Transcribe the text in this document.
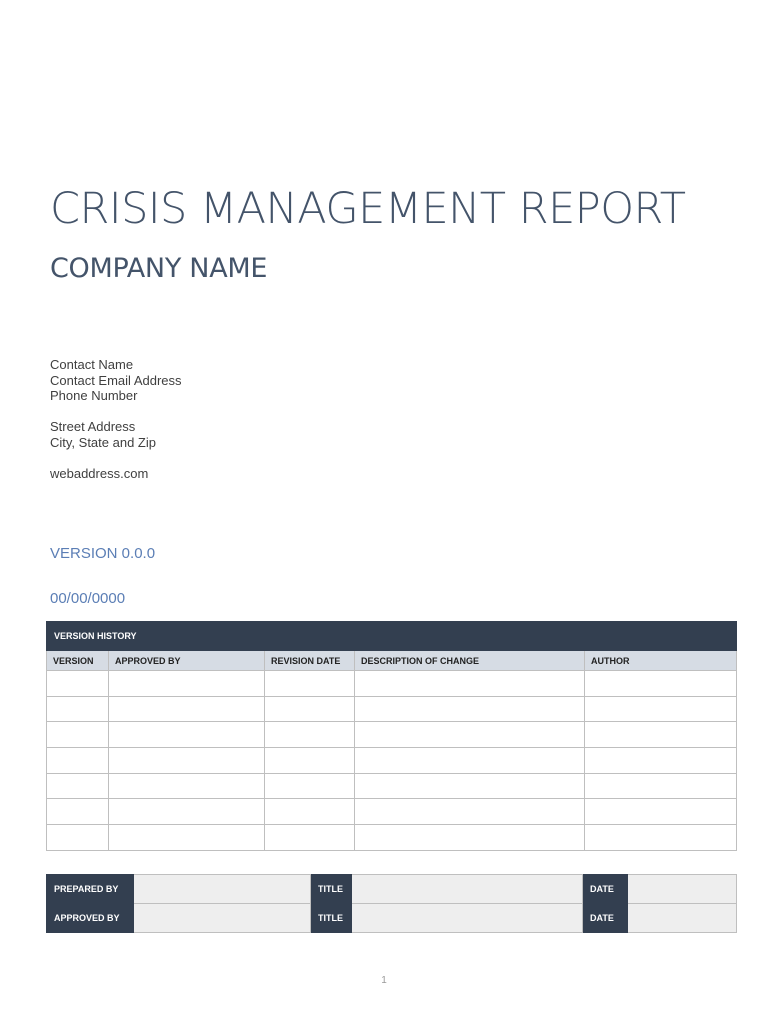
CRISIS MANAGEMENT REPORT
COMPANY NAME
Contact Name
Contact Email Address
Phone Number
Street Address
City, State and Zip
webaddress.com
VERSION 0.0.0
00/00/0000
VERSION HISTORY				
VERSION	APPROVED BY	REVISION DATE	DESCRIPTION OF CHANGE	AUTHOR

PREPARED BY		TITLE		DATE	
APPROVED BY		TITLE		DATE	
1
